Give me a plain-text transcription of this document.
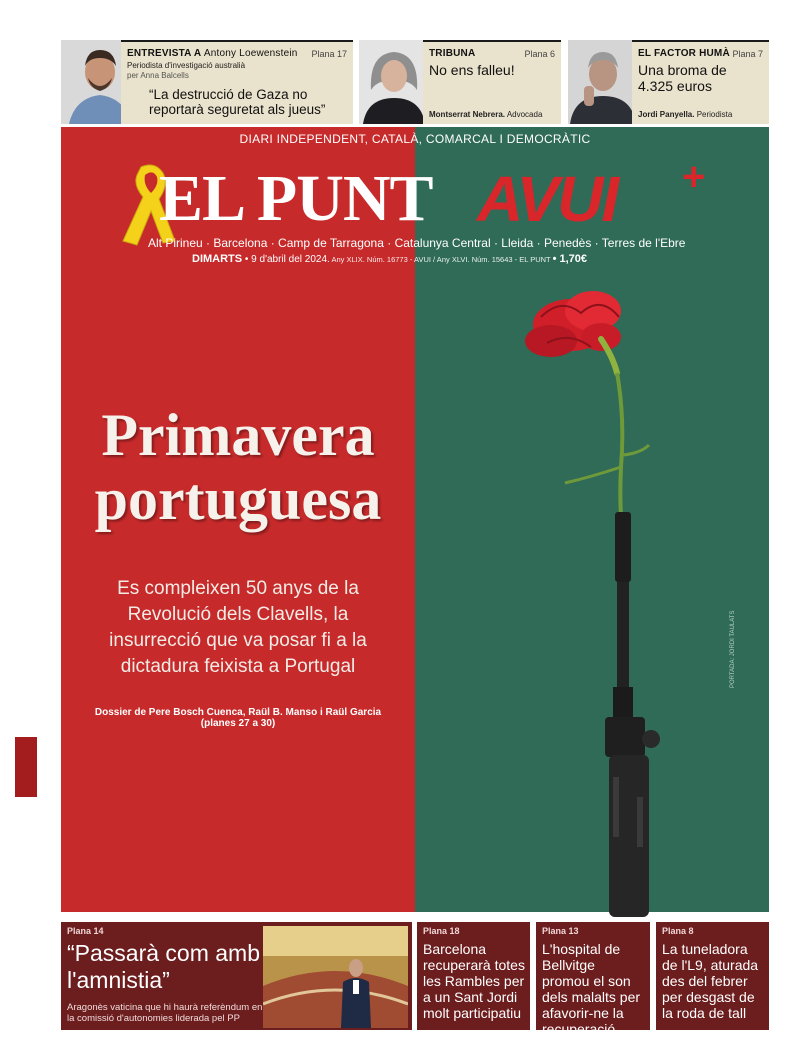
ENTREVISTA A Antony Loewenstein	Plana 17
Periodista d'investigació australià
per Anna Balcells
“La destrucció de Gaza no reportarà seguretat als jueus”
TRIBUNA	Plana 6
No ens falleu!
Montserrat Nebrera. Advocada
EL FACTOR HUMÀ Plana 7
Una broma de 4.325 euros
Jordi Panyella. Periodista
DIARI INDEPENDENT, CATALÀ, COMARCAL I DEMOCRÀTIC
EL PUNT AVUI +
Alt Pirineu · Barcelona · Camp de Tarragona · Catalunya Central · Lleida · Penedès · Terres de l'Ebre
DIMARTS • 9 d'abril del 2024. Any XLIX. Núm. 16773 - AVUI / Any XLVI. Núm. 15643 - EL PUNT • 1,70€
Primavera
portuguesa
Es compleixen 50 anys de la
Revolució dels Clavells, la
insurrecció que va posar fi a la
dictadura feixista a Portugal
Dossier de Pere Bosch Cuenca, Raül B. Manso i Raül Garcia
(planes 27 a 30)
PORTADA: JORDI TAULATS
Plana 14
“Passarà com amb l'amnistia”
Aragonès vaticina que hi haurà referèndum en la comissió d'autonomies liderada pel PP
Plana 18
Barcelona recuperarà totes les Rambles per a un Sant Jordi molt participatiu
Plana 13
L'hospital de Bellvitge promou el son dels malalts per afavorir-ne la recuperació
Plana 8
La tuneladora de l'L9, aturada des del febrer per desgast de la roda de tall
